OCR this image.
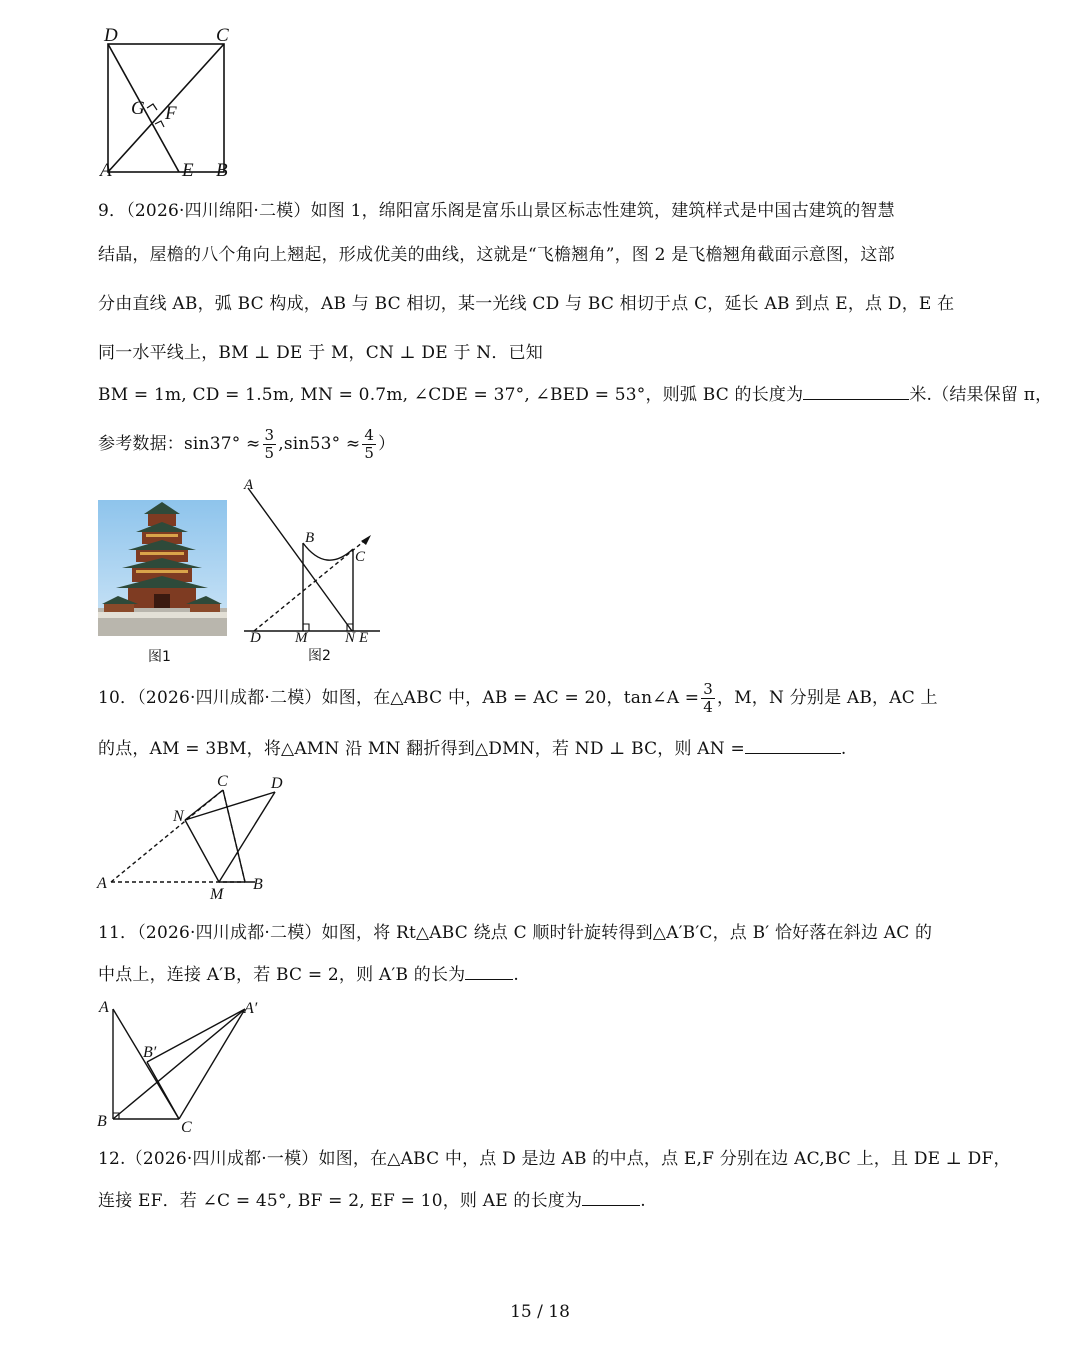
D	C
G F
A	E B
9．（2026·四川绵阳·二模）如图 1，绵阳富乐阁是富乐山景区标志性建筑，建筑样式是中国古建筑的智慧
结晶，屋檐的八个角向上翘起，形成优美的曲线，这就是“飞檐翘角”，图 2 是飞檐翘角截面示意图，这部
分由直线 AB，弧 BC 构成，AB 与 BC 相切，某一光线 CD 与 BC 相切于点 C，延长 AB 到点 E，点 D，E 在
同一水平线上，BM ⊥ DE 于 M，CN ⊥ DE 于 N．已知
BM = 1m, CD = 1.5m, MN = 0.7m, ∠CDE = 37°, ∠BED = 53°，则弧 BC 的长度为	米.（结果保留 π，
参考数据：$\sin 37^\circ \approx \frac{3}{5} ,\sin 53^\circ \approx \frac{4}{5}$ ）
A
B
C
D M	N E
图2
图1
10．（2026·四川成都·二模）如图，在△ABC 中，AB = AC = 20，tan∠A = $\frac{3}{4}$ ，M，N 分别是 AB，AC 上
的点，AM = 3BM，将△AMN 沿 MN 翻折得到△DMN，若 ND ⊥ BC，则 AN =	.
C	D
N
A
M
B
11．（2026·四川成都·二模）如图，将 Rt△ABC 绕点 C 顺时针旋转得到△A′B′C，点 B′ 恰好落在斜边 AC 的
中点上，连接 A′B，若 BC = 2，则 A′B 的长为	.
A	A′
B′
B	C
12.（2026·四川成都·一模）如图，在△ABC 中，点 D 是边 AB 的中点，点 E,F 分别在边 AC,BC 上，且 DE ⊥ DF，
连接 EF．若 ∠C = 45°, BF = 2, EF = 10，则 AE 的长度为	.
15 / 18
